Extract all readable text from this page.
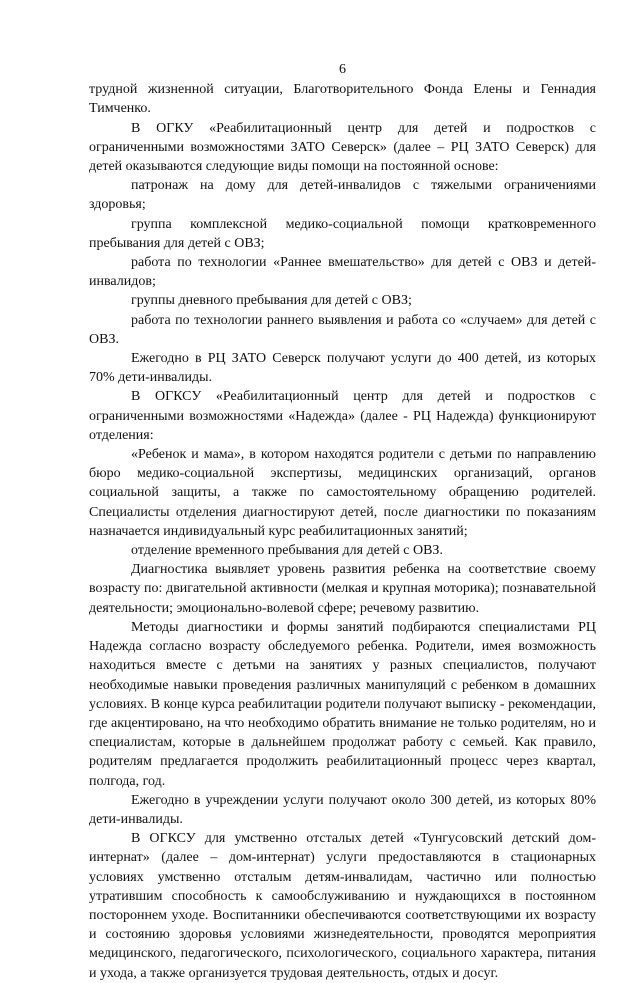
6

трудной жизненной ситуации, Благотворительного Фонда Елены и Геннадия Тимченко.

В ОГКУ «Реабилитационный центр для детей и подростков с ограниченными возможностями ЗАТО Северск» (далее – РЦ ЗАТО Северск) для детей оказываются следующие виды помощи на постоянной основе:

патронаж на дому для детей-инвалидов с тяжелыми ограничениями здоровья;

группа комплексной медико-социальной помощи кратковременного пребывания для детей с ОВЗ;

работа по технологии «Раннее вмешательство» для детей с ОВЗ и детей-инвалидов;

группы дневного пребывания для детей с ОВЗ;

работа по технологии раннего выявления и работа со «случаем» для детей с ОВЗ.

Ежегодно в РЦ ЗАТО Северск получают услуги до 400 детей, из которых 70% дети-инвалиды.

В ОГКСУ «Реабилитационный центр для детей и подростков с ограниченными возможностями «Надежда» (далее - РЦ Надежда) функционируют отделения:

«Ребенок и мама», в котором находятся родители с детьми по направлению бюро медико-социальной экспертизы, медицинских организаций, органов социальной защиты, а также по самостоятельному обращению родителей. Специалисты отделения диагностируют детей, после диагностики по показаниям назначается индивидуальный курс реабилитационных занятий;

отделение временного пребывания для детей с ОВЗ.

Диагностика выявляет уровень развития ребенка на соответствие своему возрасту по: двигательной активности (мелкая и крупная моторика); познавательной деятельности; эмоционально-волевой сфере; речевому развитию.

Методы диагностики и формы занятий подбираются специалистами РЦ Надежда согласно возрасту обследуемого ребенка. Родители, имея возможность находиться вместе с детьми на занятиях у разных специалистов, получают необходимые навыки проведения различных манипуляций с ребенком в домашних условиях. В конце курса реабилитации родители получают выписку - рекомендации, где акцентировано, на что необходимо обратить внимание не только родителям, но и специалистам, которые в дальнейшем продолжат работу с семьей. Как правило, родителям предлагается продолжить реабилитационный процесс через квартал, полгода, год.

Ежегодно в учреждении услуги получают около 300 детей, из которых 80% дети-инвалиды.

В ОГКСУ для умственно отсталых детей «Тунгусовский детский дом-интернат» (далее – дом-интернат) услуги предоставляются в стационарных условиях умственно отсталым детям-инвалидам, частично или полностью утратившим способность к самообслуживанию и нуждающихся в постоянном постороннем уходе. Воспитанники обеспечиваются соответствующими их возрасту и состоянию здоровья условиями жизнедеятельности, проводятся мероприятия медицинского, педагогического, психологического, социального характера, питания и ухода, а также организуется трудовая деятельность, отдых и досуг.
